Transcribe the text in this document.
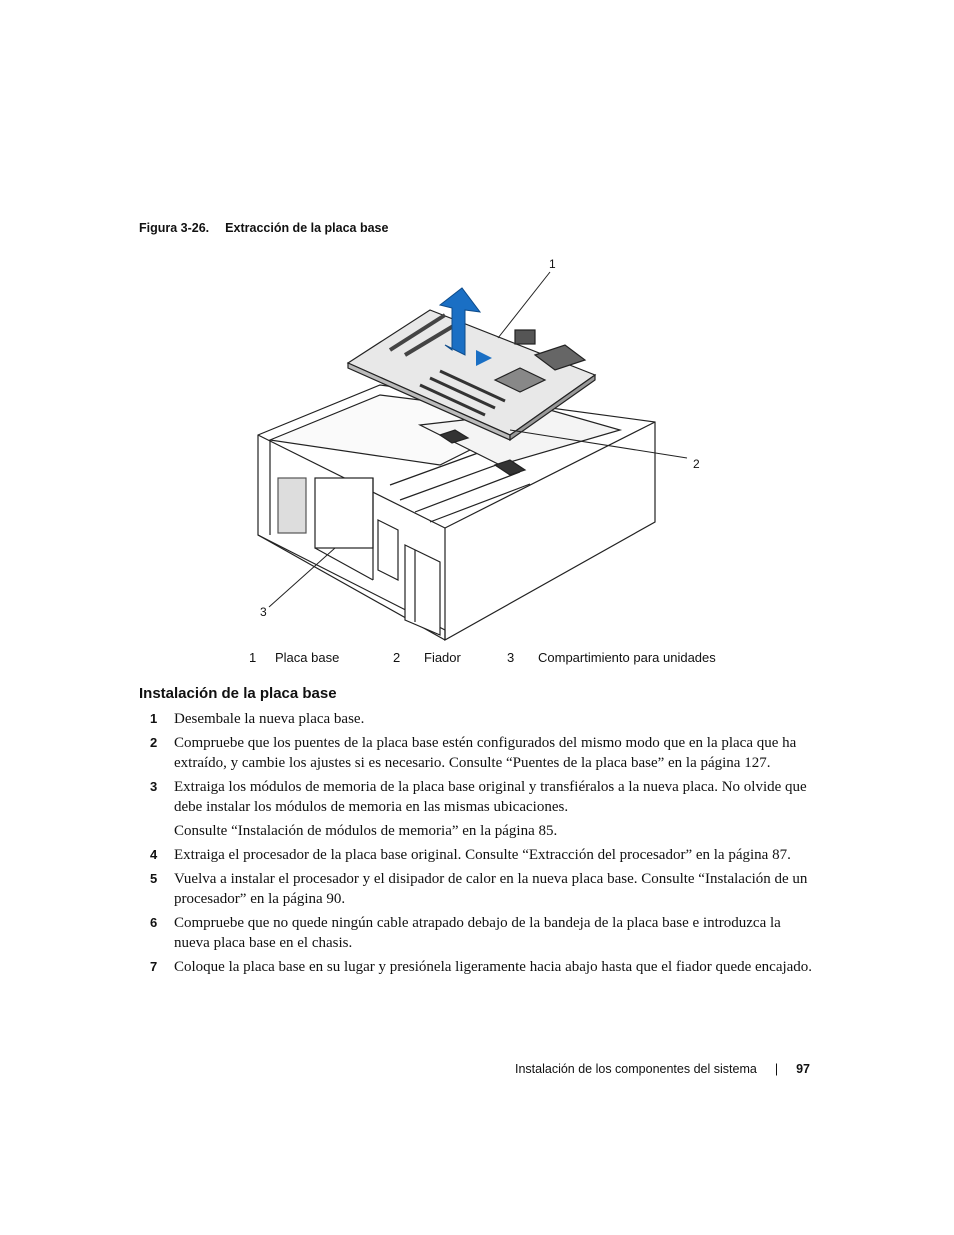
Figura 3-26. Extracción de la placa base
1
2
3
1 Placa base	2 Fiador	3 Compartimiento para unidades
Instalación de la placa base
1 Desembale la nueva placa base.

2 Compruebe que los puentes de la placa base estén configurados del mismo modo que en la placa que ha extraído, y cambie los ajustes si es necesario. Consulte “Puentes de la placa base” en la página 127.

3 Extraiga los módulos de memoria de la placa base original y transfiéralos a la nueva placa. No olvide que debe instalar los módulos de memoria en las mismas ubicaciones.

Consulte “Instalación de módulos de memoria” en la página 85.

4 Extraiga el procesador de la placa base original. Consulte “Extracción del procesador” en la página 87.

5 Vuelva a instalar el procesador y el disipador de calor en la nueva placa base. Consulte “Instalación de un procesador” en la página 90.

6 Compruebe que no quede ningún cable atrapado debajo de la bandeja de la placa base e introduzca la nueva placa base en el chasis.

7 Coloque la placa base en su lugar y presiónela ligeramente hacia abajo hasta que el fiador quede encajado.

Instalación de los componentes del sistema | 97
